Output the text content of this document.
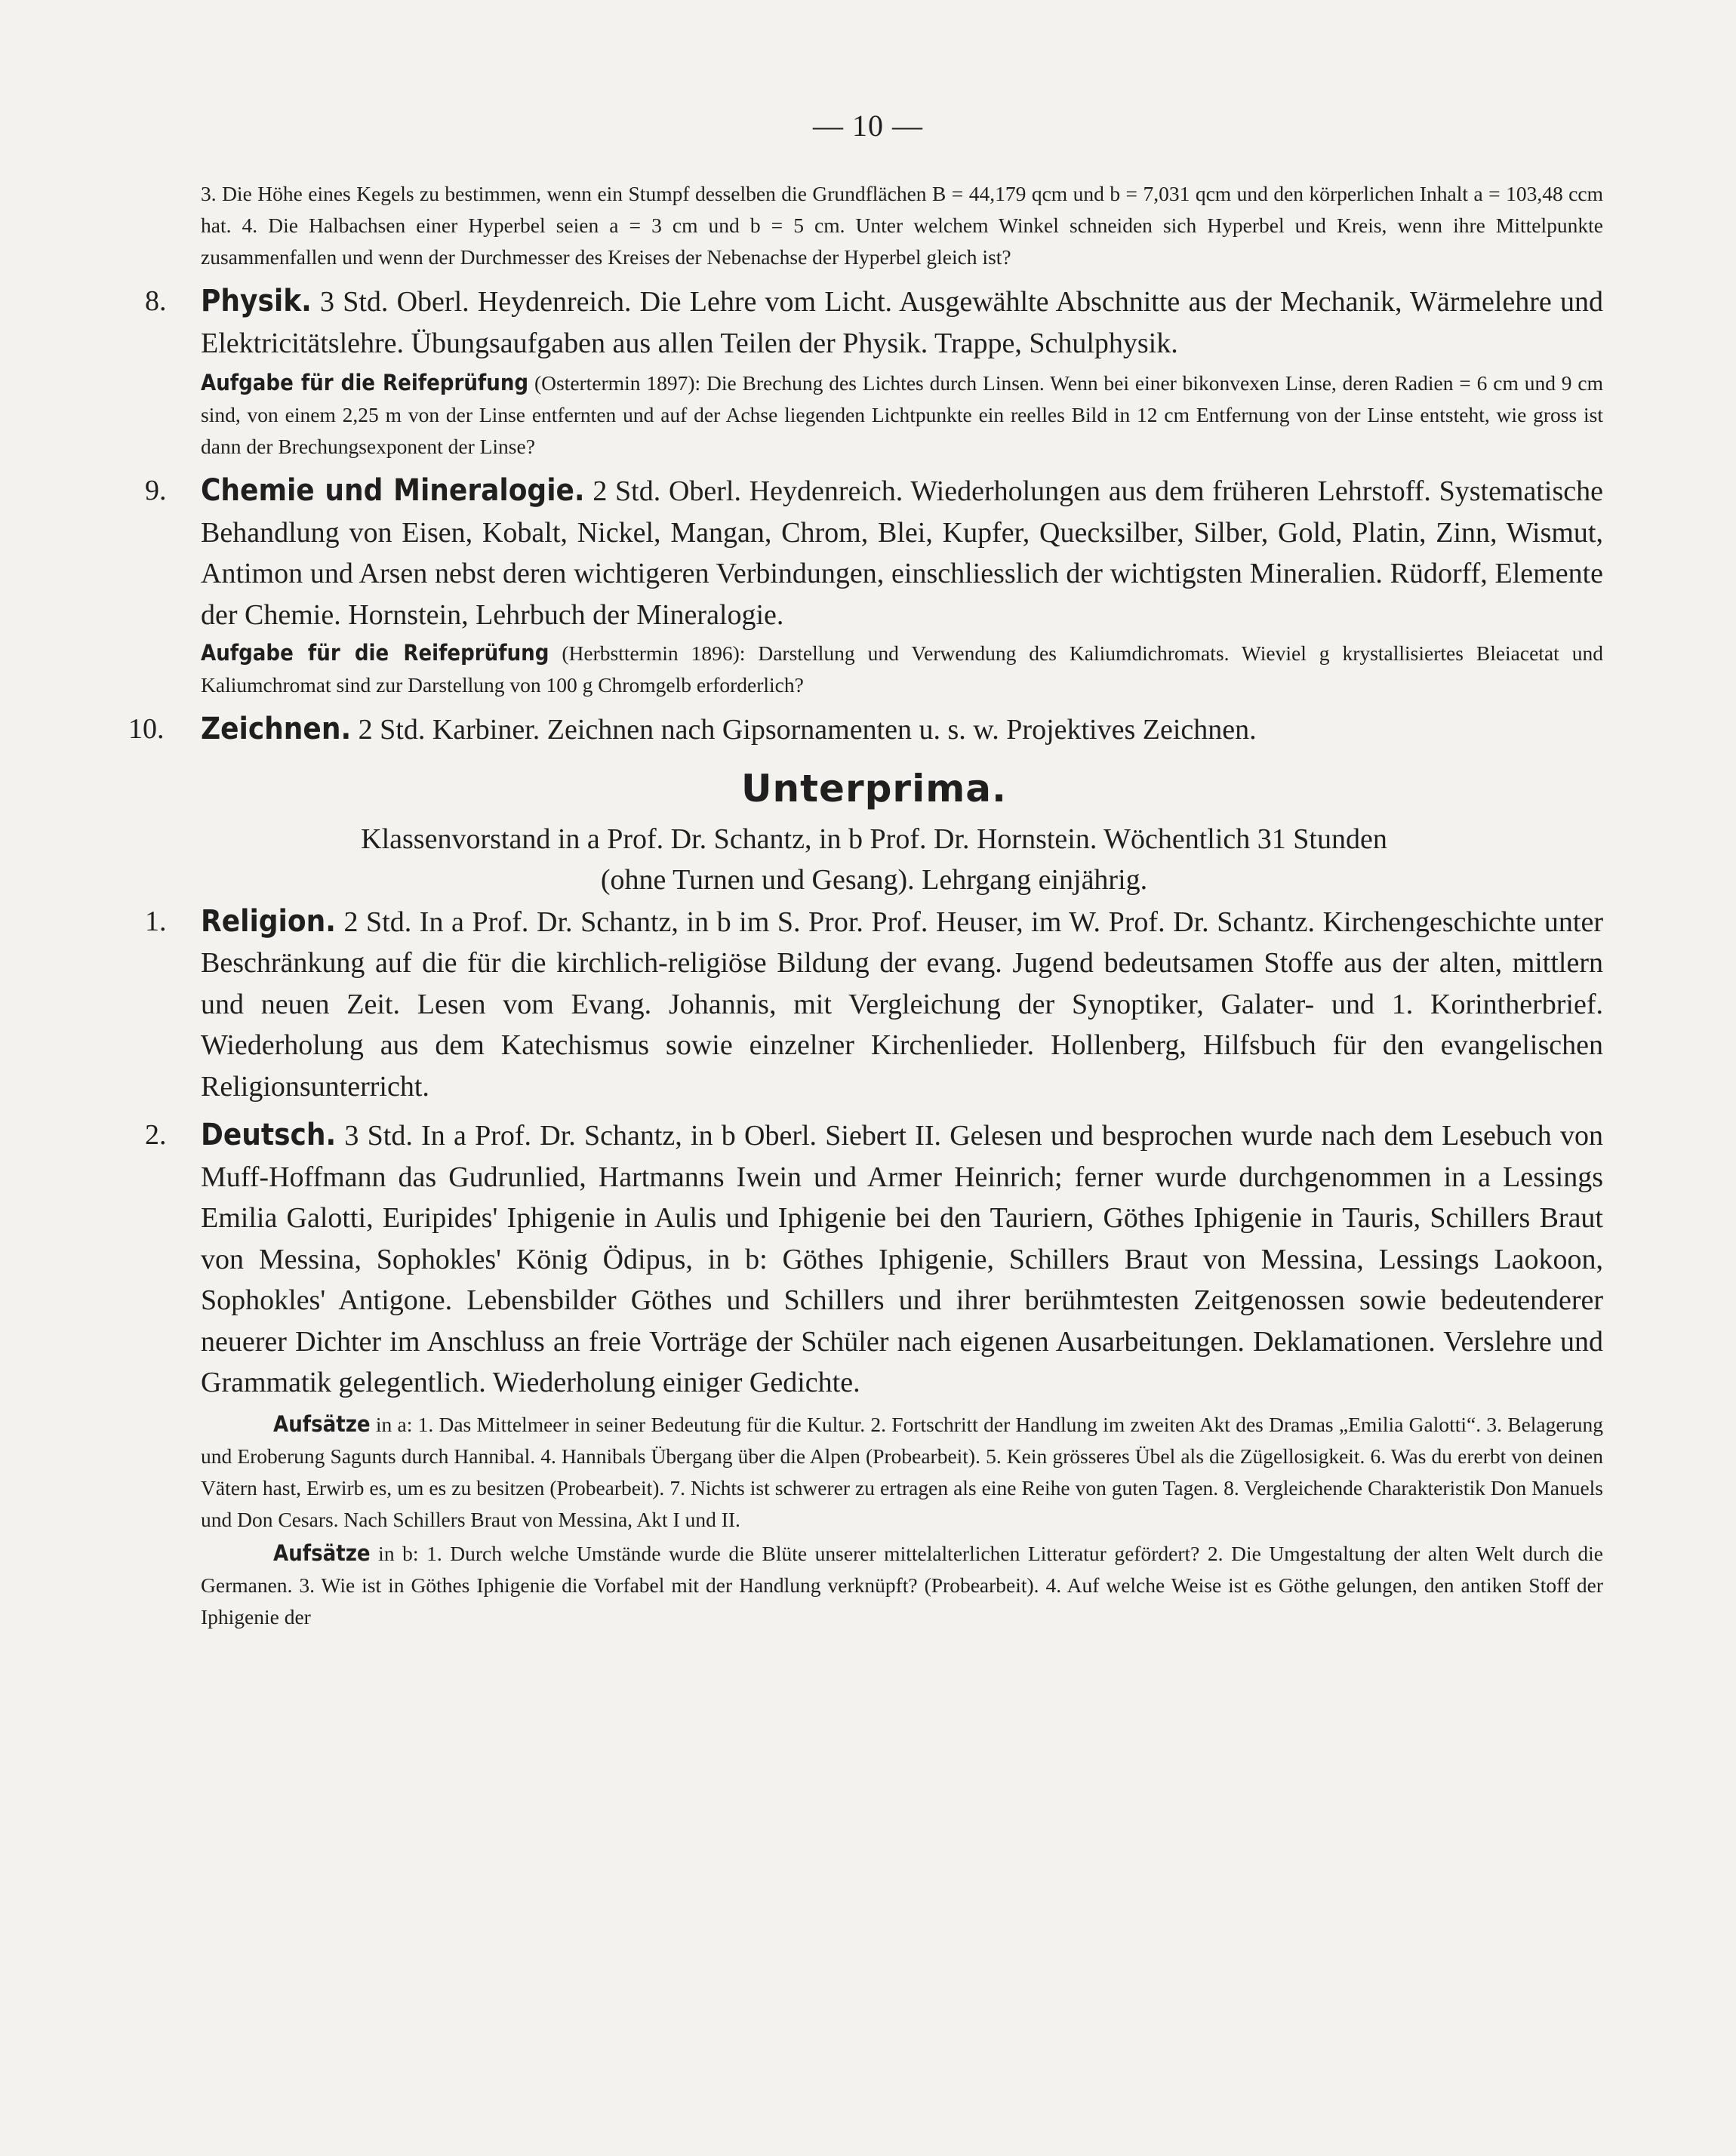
— 10 —

3. Die Höhe eines Kegels zu bestimmen, wenn ein Stumpf desselben die Grundflächen B = 44,179 qcm und b = 7,031 qcm und den körperlichen Inhalt a = 103,48 ccm hat. 4. Die Halbachsen einer Hyperbel seien a = 3 cm und b = 5 cm. Unter welchem Winkel schneiden sich Hyperbel und Kreis, wenn ihre Mittelpunkte zusammenfallen und wenn der Durchmesser des Kreises der Nebenachse der Hyperbel gleich ist?

8. Physik. 3 Std. Oberl. Heydenreich. Die Lehre vom Licht. Ausgewählte Abschnitte aus der Mechanik, Wärmelehre und Elektricitätslehre. Übungsaufgaben aus allen Teilen der Physik. Trappe, Schulphysik.

Aufgabe für die Reifeprüfung (Ostertermin 1897): Die Brechung des Lichtes durch Linsen. Wenn bei einer bikonvexen Linse, deren Radien = 6 cm und 9 cm sind, von einem 2,25 m von der Linse entfernten und auf der Achse liegenden Lichtpunkte ein reelles Bild in 12 cm Entfernung von der Linse entsteht, wie gross ist dann der Brechungsexponent der Linse?

9. Chemie und Mineralogie. 2 Std. Oberl. Heydenreich. Wiederholungen aus dem früheren Lehrstoff. Systematische Behandlung von Eisen, Kobalt, Nickel, Mangan, Chrom, Blei, Kupfer, Quecksilber, Silber, Gold, Platin, Zinn, Wismut, Antimon und Arsen nebst deren wichtigeren Verbindungen, einschliesslich der wichtigsten Mineralien. Rüdorff, Elemente der Chemie. Hornstein, Lehrbuch der Mineralogie.

Aufgabe für die Reifeprüfung (Herbsttermin 1896): Darstellung und Verwendung des Kaliumdichromats. Wieviel g krystallisiertes Bleiacetat und Kaliumchromat sind zur Darstellung von 100 g Chromgelb erforderlich?

10. Zeichnen. 2 Std. Karbiner. Zeichnen nach Gipsornamenten u. s. w. Projektives Zeichnen.
Unterprima.
Klassenvorstand in a Prof. Dr. Schantz, in b Prof. Dr. Hornstein. Wöchentlich 31 Stunden
(ohne Turnen und Gesang). Lehrgang einjährig.
1. Religion. 2 Std. In a Prof. Dr. Schantz, in b im S. Pror. Prof. Heuser, im W. Prof. Dr. Schantz. Kirchengeschichte unter Beschränkung auf die für die kirchlich-religiöse Bildung der evang. Jugend bedeutsamen Stoffe aus der alten, mittlern und neuen Zeit. Lesen vom Evang. Johannis, mit Vergleichung der Synoptiker, Galater- und 1. Korintherbrief. Wiederholung aus dem Katechismus sowie einzelner Kirchenlieder. Hollenberg, Hilfsbuch für den evangelischen Religionsunterricht.
2. Deutsch. 3 Std. In a Prof. Dr. Schantz, in b Oberl. Siebert II. Gelesen und besprochen wurde nach dem Lesebuch von Muff-Hoffmann das Gudrunlied, Hartmanns Iwein und Armer Heinrich; ferner wurde durchgenommen in a Lessings Emilia Galotti, Euripides' Iphigenie in Aulis und Iphigenie bei den Tauriern, Göthes Iphigenie in Tauris, Schillers Braut von Messina, Sophokles' König Ödipus, in b: Göthes Iphigenie, Schillers Braut von Messina, Lessings Laokoon, Sophokles' Antigone. Lebensbilder Göthes und Schillers und ihrer berühmtesten Zeitgenossen sowie bedeutenderer neuerer Dichter im Anschluss an freie Vorträge der Schüler nach eigenen Ausarbeitungen. Deklamationen. Verslehre und Grammatik gelegentlich. Wiederholung einiger Gedichte.

Aufsätze in a: 1. Das Mittelmeer in seiner Bedeutung für die Kultur. 2. Fortschritt der Handlung im zweiten Akt des Dramas „Emilia Galotti“. 3. Belagerung und Eroberung Sagunts durch Hannibal. 4. Hannibals Übergang über die Alpen (Probearbeit). 5. Kein grösseres Übel als die Zügellosigkeit. 6. Was du ererbt von deinen Vätern hast, Erwirb es, um es zu besitzen (Probearbeit). 7. Nichts ist schwerer zu ertragen als eine Reihe von guten Tagen. 8. Vergleichende Charakteristik Don Manuels und Don Cesars. Nach Schillers Braut von Messina, Akt I und II.

Aufsätze in b: 1. Durch welche Umstände wurde die Blüte unserer mittelalterlichen Litteratur gefördert? 2. Die Umgestaltung der alten Welt durch die Germanen. 3. Wie ist in Göthes Iphigenie die Vorfabel mit der Handlung verknüpft? (Probearbeit). 4. Auf welche Weise ist es Göthe gelungen, den antiken Stoff der Iphigenie der
